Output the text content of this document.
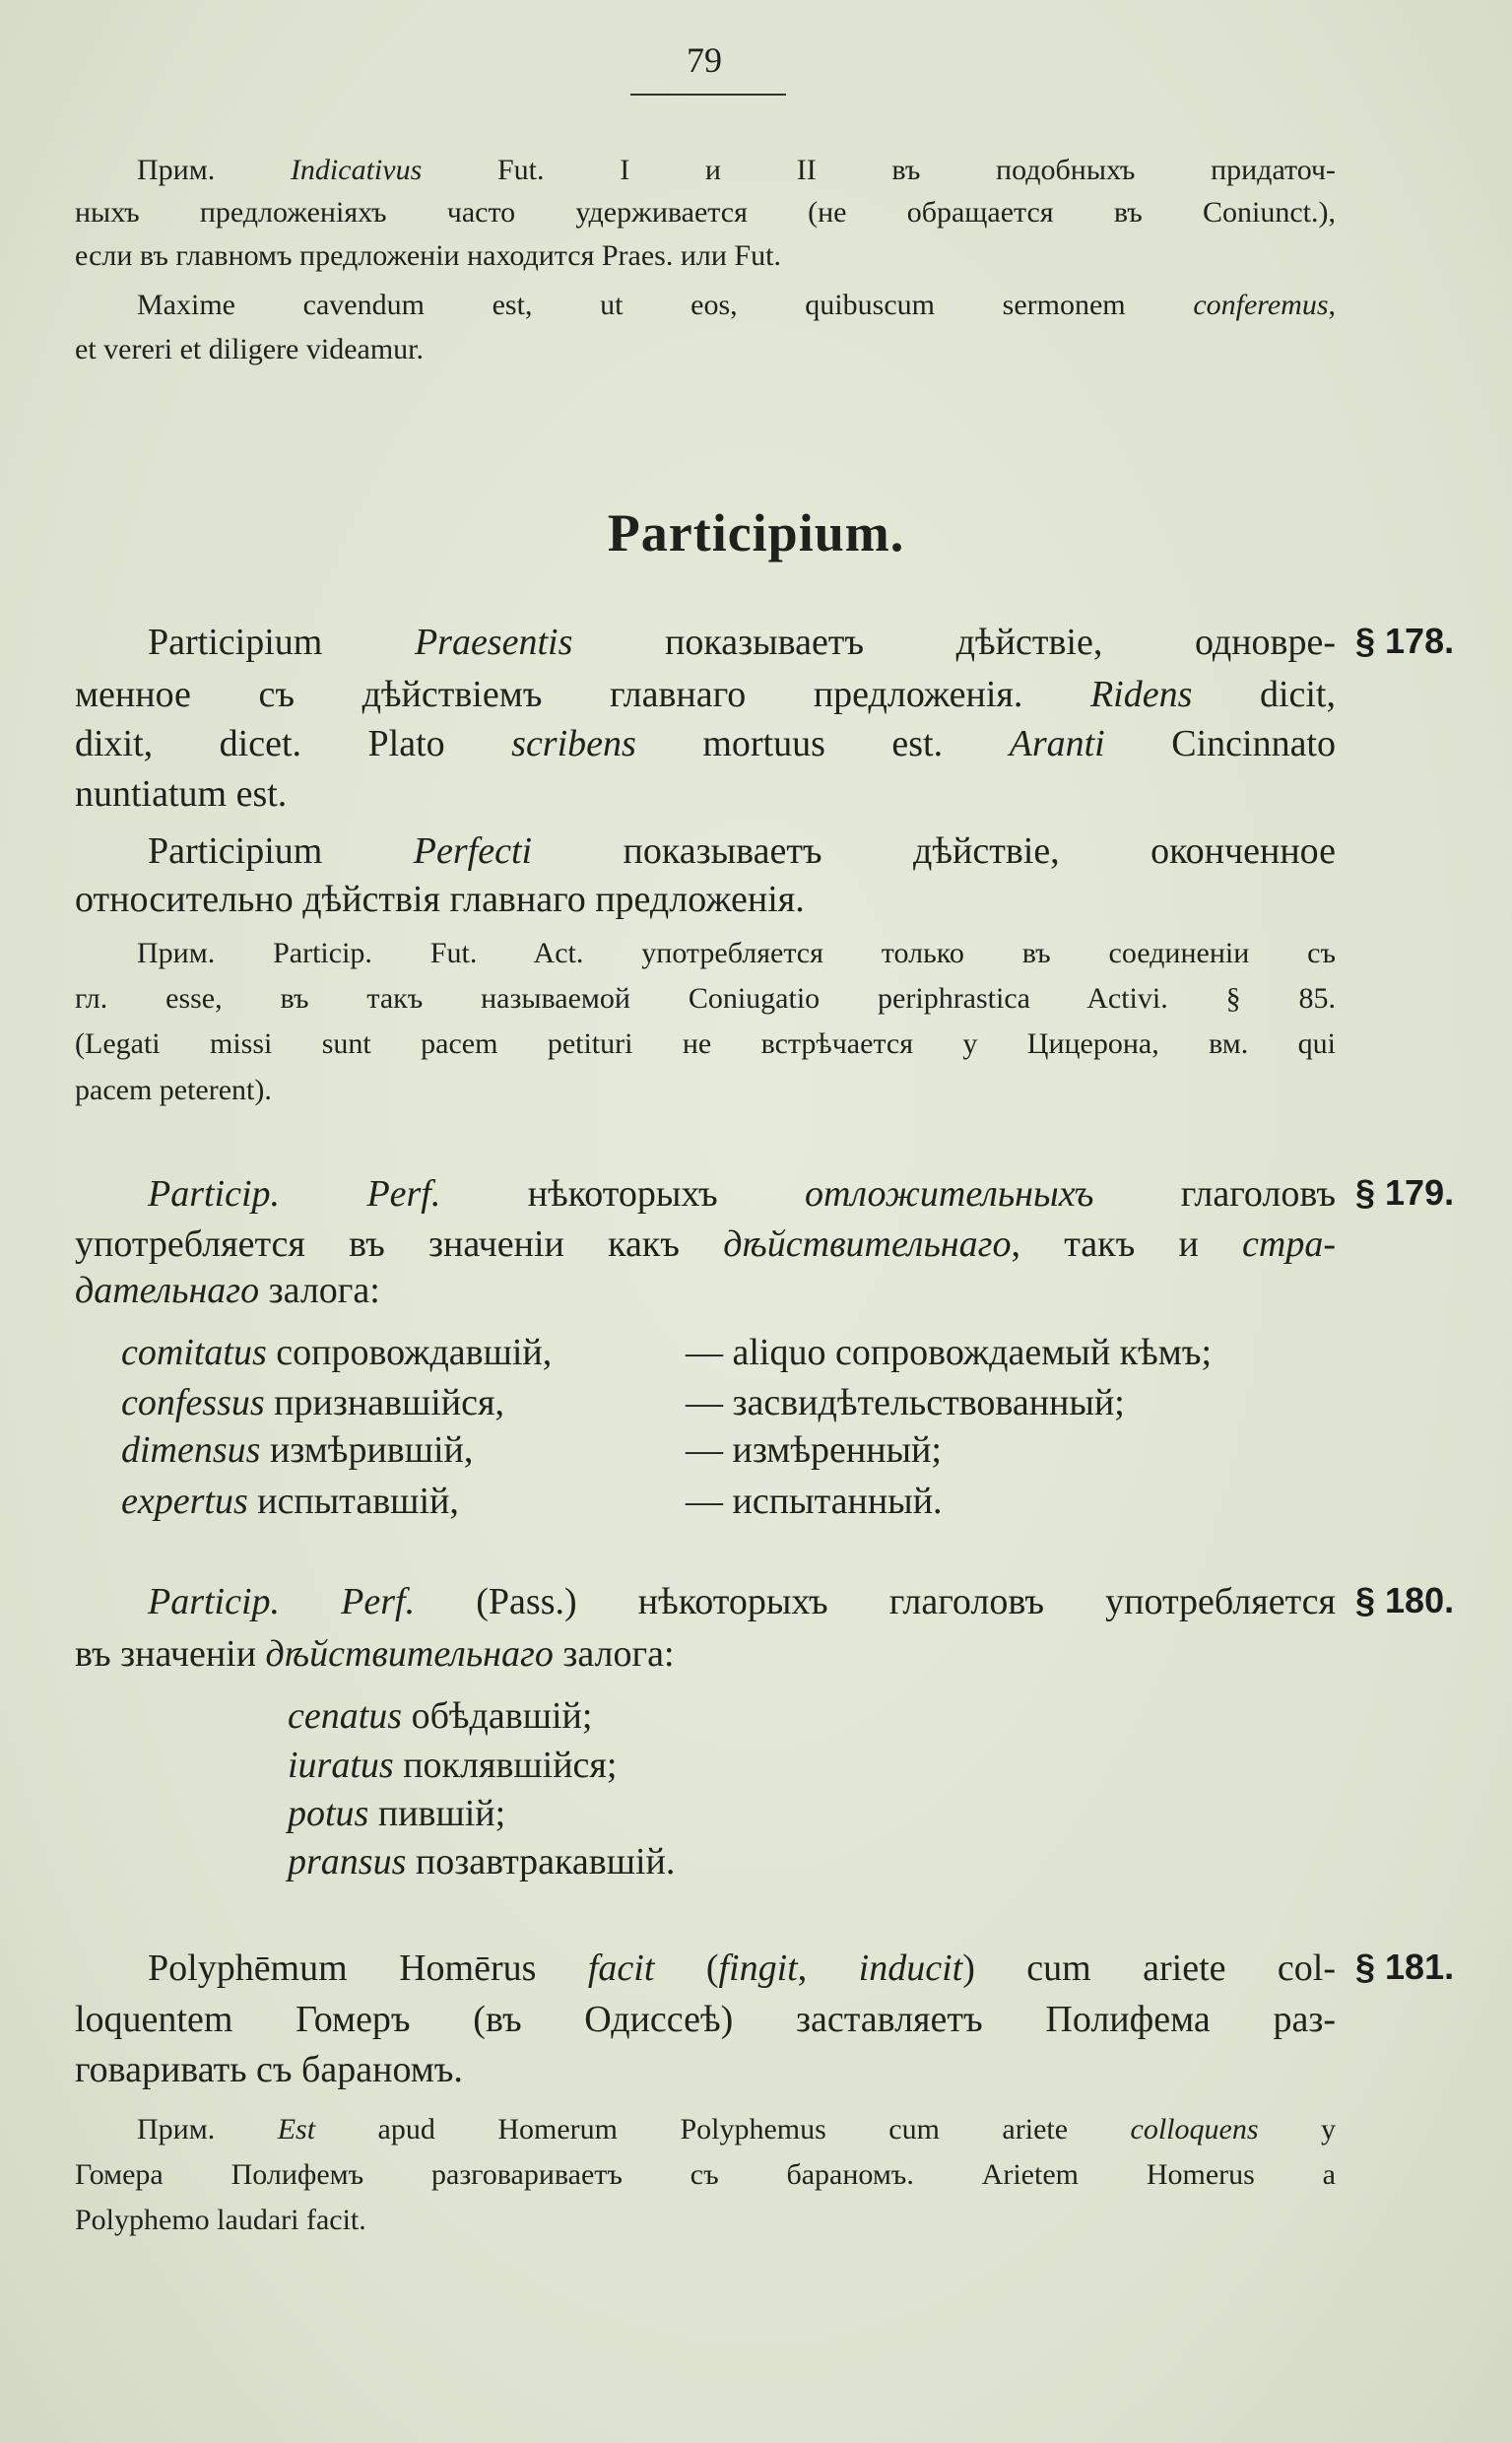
79
Participium.
Прим. Indicativus Fut. I и II въ подобныхъ придаточ-
ныхъ предложеніяхъ часто удерживается (не обращается въ Coniunct.),
если въ главномъ предложеніи находится Praes. или Fut.
Maxime cavendum est, ut eos, quibuscum sermonem conferemus,
et vereri et diligere videamur.
§ 178.
Participium Praesentis показываетъ дѣйствіе, одновре-
менное съ дѣйствіемъ главнаго предложенія. Ridens dicit,
dixit, dicet. Plato scribens mortuus est. Aranti Cincinnato
nuntiatum est.
Participium Perfecti показываетъ дѣйствіе, оконченное
относительно дѣйствія главнаго предложенія.
Прим. Particip. Fut. Act. употребляется только въ соединеніи съ
гл. esse, въ такъ называемой Coniugatio periphrastica Activi. § 85.
(Legati missi sunt pacem petituri не встрѣчается у Цицерона, вм. qui
pacem peterent).
§ 179.
Particip. Perf. нѣкоторыхъ отложительныхъ глаголовъ
употребляется въ значеніи какъ дѣйствительнаго, такъ и стра-
дательнаго залога:
comitatus сопровождавшій,	— aliquo сопровождаемый кѣмъ;
confessus признавшійся,	— засвидѣтельствованный;
dimensus измѣрившій,	— измѣренный;
expertus испытавшій,	— испытанный.
§ 180.
Particip. Perf. (Pass.) нѣкоторыхъ глаголовъ употребляется
въ значеніи дѣйствительнаго залога:
cenatus обѣдавшій;
iuratus поклявшійся;
potus пившій;
pransus позавтракавшій.
§ 181.
Polyphēmum Homērus facit (fingit, inducit) cum ariete col-
loquentem Гомеръ (въ Одиссеѣ) заставляетъ Полифема раз-
говаривать съ бараномъ.
Прим. Est apud Homerum Polyphemus cum ariete colloquens у
Гомера Полифемъ разговариваетъ съ бараномъ. Arietem Homerus a
Polyphemo laudari facit.
